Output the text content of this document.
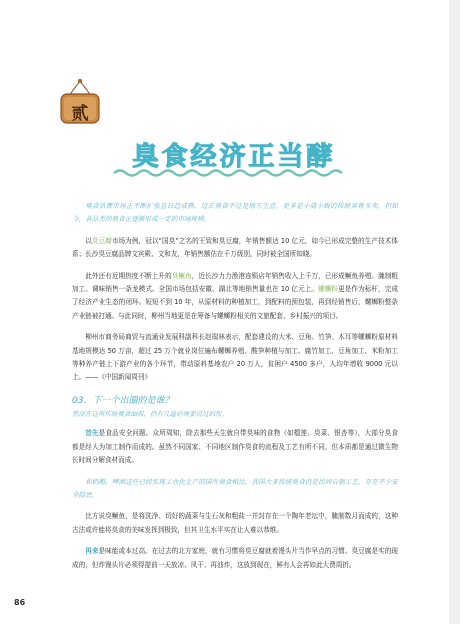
贰
臭食经济正当酵

臭食消费市场正不断扩张且日趋成熟，过去臭食不过是地方生意，更多是小商小贩的传统零售买卖，但如今，各品类的臭食正逐渐形成一定的市场规模。

以臭豆腐市场为例，冠以“国臭”之名的王致和臭豆腐，年销售额达 10 亿元，如今已形成完整的生产技术体系；长沙臭豆腐品牌文宾殿、文和友，年销售额估在千万级别，同时被全国所知晓。

此外还有近期热度不断上升的臭鳜鱼，近长沙力力渔港连锁店年销售收入上千万，已形成鳜鱼养殖、腌制粗加工、调味销售一条龙模式。全国市场包括安徽、湖北等地销售量也在 10 亿元上。螺蛳粉更是作为标杆，完成了经济产业生态的闭环。短短不到 10 年，从原材料的种植加工，到配料的预包装，再到经销售后，螺蛳粉整条产业链被打通。与此同时，柳州当地更是在筹备与螺蛳粉相关的文旅配套、乡村振兴的项目。

柳州市商务局商贸与流通业发展科副科长赵瑞林表示，配套建设的大米、豆角、竹笋、木耳等螺蛳粉原材料基地规模达 50 万亩，超过 25 万个就业岗位遍布螺蛳养殖、酸笋种植与加工、腐竹加工、豆角加工、米粉加工等种养产链上下游产业的各个环节，带动原料基地农户 20 万人，贫困户 4500 多户，人均年增收 9000 元以上。——《中国新闻周刊》

03．下一个出圈的是谁？

然而在这所传统臭食面前，仍有几道必须要迈过的坎。

首先是食品安全问题。众所周知，除去那些天生就自带臭味的食物（如榴莲、臭菜、银杏等），大部分臭食都是经人为加工制作而成的。虽然不同国家、不同地区制作臭食的流程及工艺有所不同，但本质都是通过微生物长时间分解食材而成。

和奶酪、啤酒这些已经实现工业化生产的国外臭食相比，我国大多传统臭食仍是民间自制工艺，存在不少安全隐患。

比方说臭鳜鱼，是将洗净、切好的蔬菜与生石灰和粗盐一并封存在一个陶年老坛中，腌制数月而成的，这种古法或许能将臭食的美味发挥到极致，但其卫生水平实在让人难以恭维。

再来是味能或本过高。在过去的北方家庭，就有习惯将臭豆腐就着馒头片当作早点的习惯。臭豆腐是实的现成的，但炸馒头片必须得提前一天放凉、风干、再油炸，这放到现在，鲜有人会再如此大费周折。

86
